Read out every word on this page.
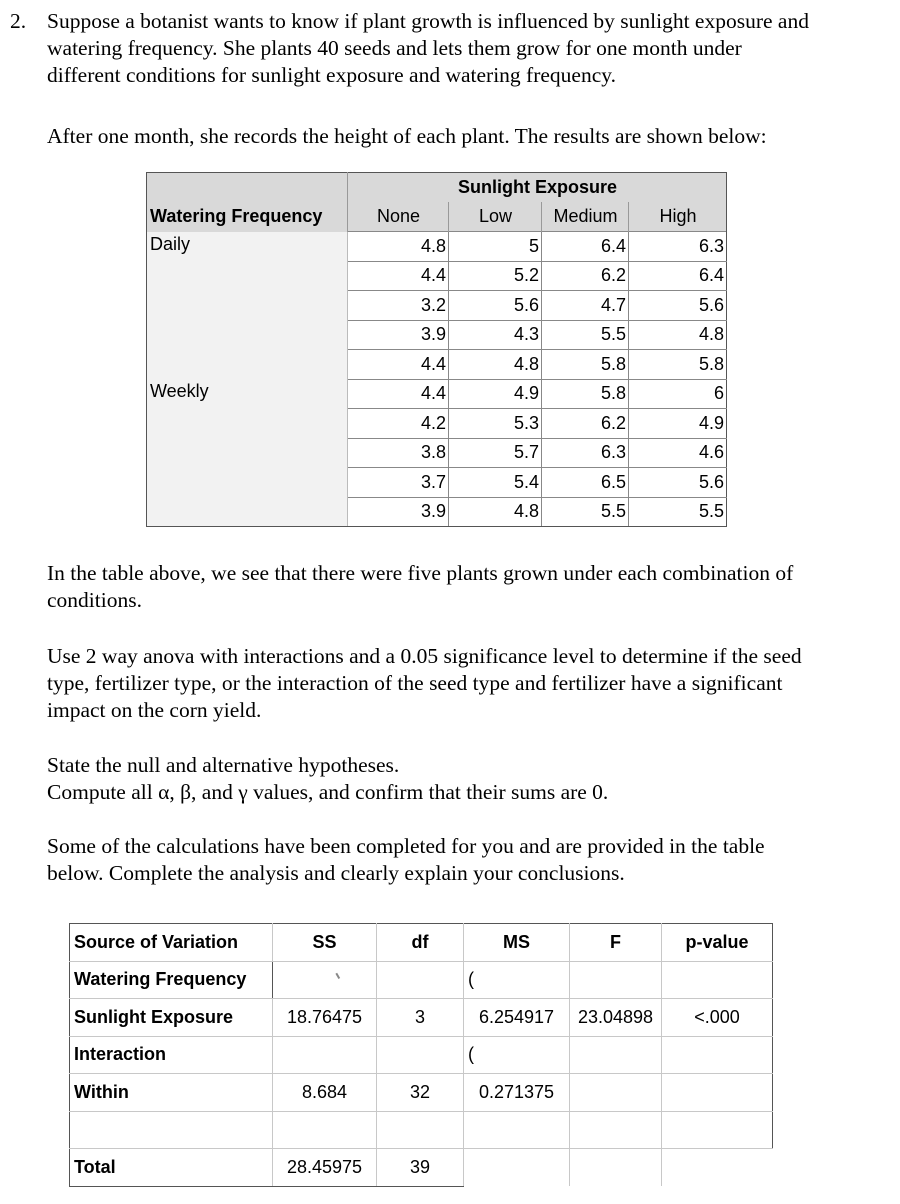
2. Suppose a botanist wants to know if plant growth is influenced by sunlight exposure and
watering frequency. She plants 40 seeds and lets them grow for one month under
different conditions for sunlight exposure and watering frequency.
After one month, she records the height of each plant. The results are shown below:
	Sunlight Exposure			
Watering Frequency	None	Low	Medium	High
Daily	4.8	5	6.4	6.3
	4.4	5.2	6.2	6.4
	3.2	5.6	4.7	5.6
	3.9	4.3	5.5	4.8
	4.4	4.8	5.8	5.8
Weekly	4.4	4.9	5.8	6
	4.2	5.3	6.2	4.9
	3.8	5.7	6.3	4.6
	3.7	5.4	6.5	5.6
	3.9	4.8	5.5	5.5
In the table above, we see that there were five plants grown under each combination of
conditions.
Use 2 way anova with interactions and a 0.05 significance level to determine if the seed
type, fertilizer type, or the interaction of the seed type and fertilizer have a significant
impact on the corn yield.
State the null and alternative hypotheses.
Compute all α, β, and γ values, and confirm that their sums are 0.
Some of the calculations have been completed for you and are provided in the table
below. Complete the analysis and clearly explain your conclusions.
Source of Variation	SS	df	MS	F	p-value
Watering Frequency			(		
Sunlight Exposure	18.76475	3	6.254917	23.04898	<.000
Interaction			(		
Within	8.684	32	0.271375		

Total	28.45975	39			
